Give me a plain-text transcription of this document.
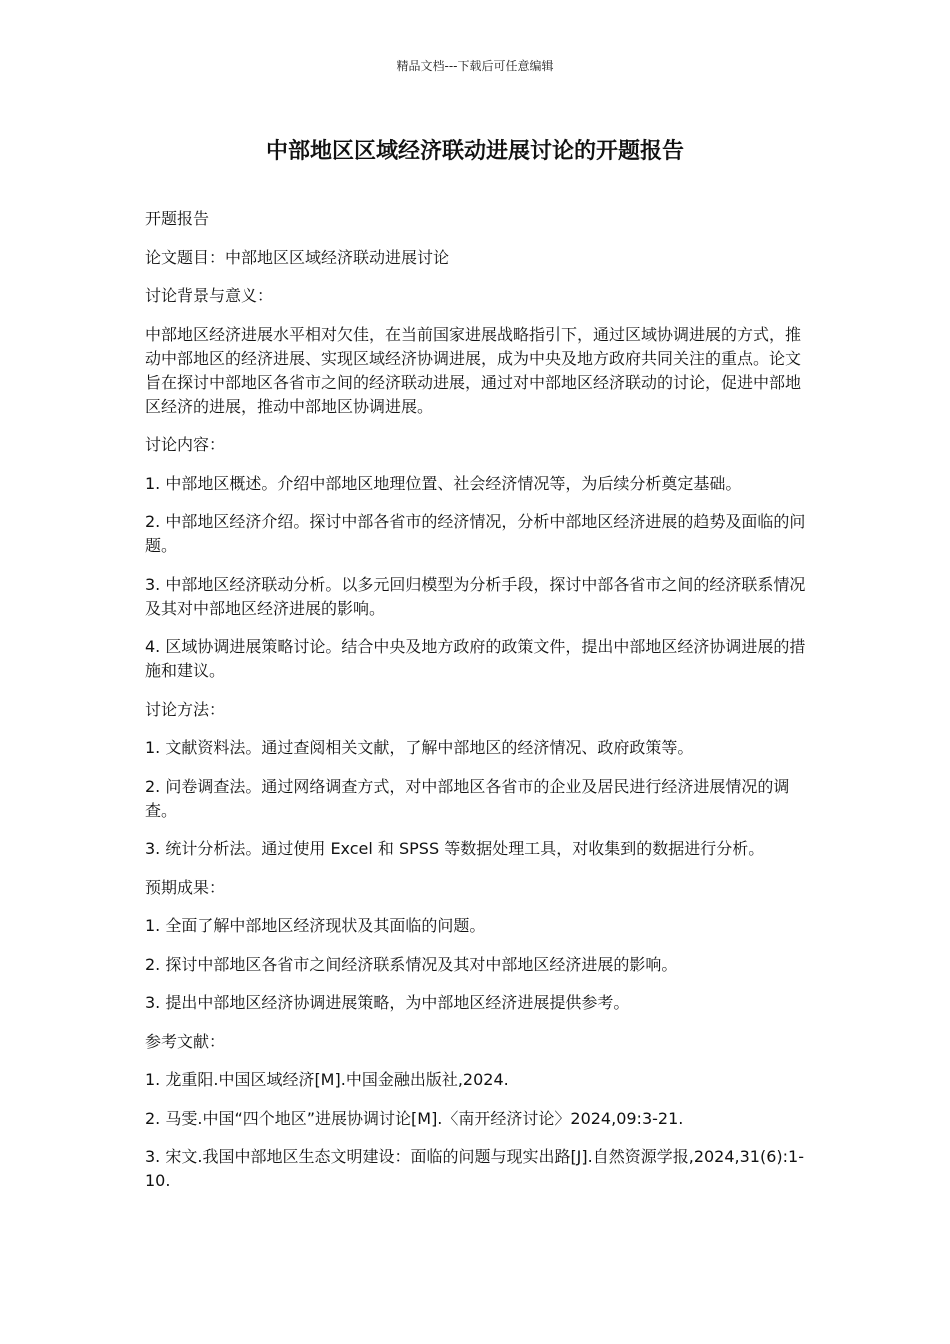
精品文档---下载后可任意编辑
中部地区区域经济联动进展讨论的开题报告

开题报告

论文题目：中部地区区域经济联动进展讨论

讨论背景与意义：

中部地区经济进展水平相对欠佳，在当前国家进展战略指引下，通过区域协调进展的方式，推动中部地区的经济进展、实现区域经济协调进展，成为中央及地方政府共同关注的重点。论文旨在探讨中部地区各省市之间的经济联动进展，通过对中部地区经济联动的讨论，促进中部地区经济的进展，推动中部地区协调进展。

讨论内容：

1. 中部地区概述。介绍中部地区地理位置、社会经济情况等，为后续分析奠定基础。

2. 中部地区经济介绍。探讨中部各省市的经济情况，分析中部地区经济进展的趋势及面临的问题。

3. 中部地区经济联动分析。以多元回归模型为分析手段，探讨中部各省市之间的经济联系情况及其对中部地区经济进展的影响。

4. 区域协调进展策略讨论。结合中央及地方政府的政策文件，提出中部地区经济协调进展的措施和建议。

讨论方法：

1. 文献资料法。通过查阅相关文献，了解中部地区的经济情况、政府政策等。

2. 问卷调查法。通过网络调查方式，对中部地区各省市的企业及居民进行经济进展情况的调查。

3. 统计分析法。通过使用 Excel 和 SPSS 等数据处理工具，对收集到的数据进行分析。

预期成果：

1. 全面了解中部地区经济现状及其面临的问题。

2. 探讨中部地区各省市之间经济联系情况及其对中部地区经济进展的影响。

3. 提出中部地区经济协调进展策略，为中部地区经济进展提供参考。

参考文献：

1. 龙重阳.中国区域经济[M].中国金融出版社,2024.

2. 马雯.中国“四个地区”进展协调讨论[M].〈南开经济讨论〉2024,09:3-21.

3. 宋文.我国中部地区生态文明建设：面临的问题与现实出路[J].自然资源学报,2024,31(6):1-10.
